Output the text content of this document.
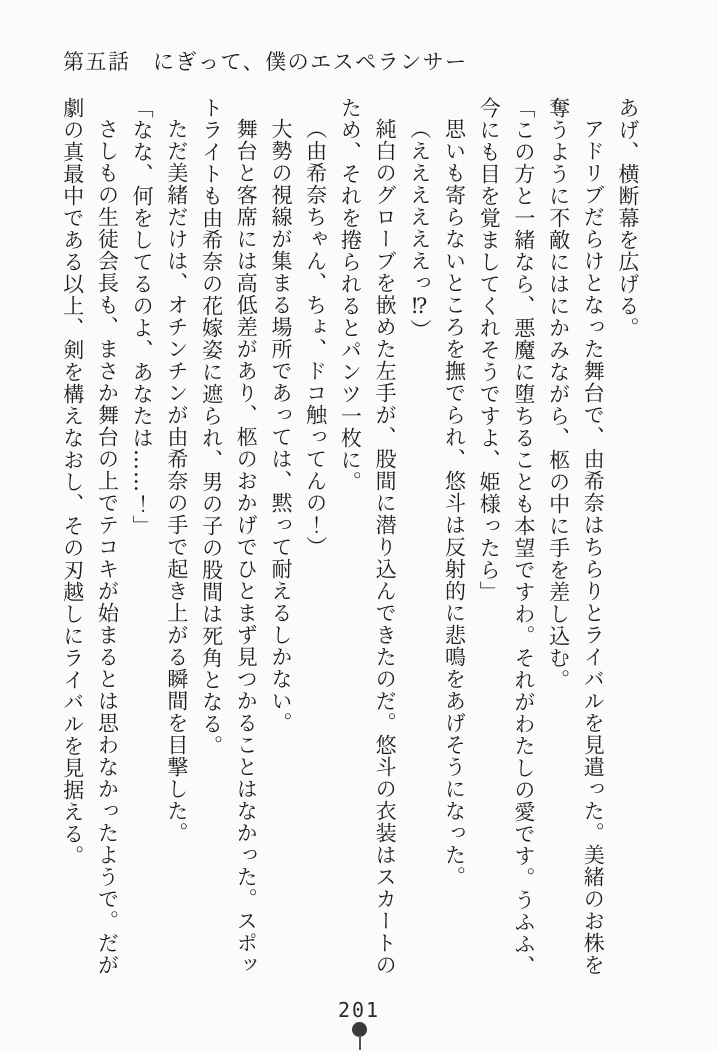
第五話　にぎって、僕のエスペランサー

あげ、横断幕を広げる。

アドリブだらけとなった舞台で、由希奈はちらりとライバルを見遣った。美緒のお株を奪うように不敵にはにかみながら、柩の中に手を差し込む。

「この方と一緒なら、悪魔に堕ちることも本望ですわ。それがわたしの愛です。うふふ、今にも目を覚ましてくれそうですよ、姫様ったら」

思いも寄らないところを撫でられ、悠斗は反射的に悲鳴をあげそうになった。

（ええええええっ⁉）

純白のグローブを嵌めた左手が、股間に潜り込んできたのだ。悠斗の衣装はスカートのため、それを捲られるとパンツ一枚に。

（由希奈ちゃん、ちょ、ドコ触ってんの！）

大勢の視線が集まる場所であっては、黙って耐えるしかない。

舞台と客席には高低差があり、柩のおかげでひとまず見つかることはなかった。スポットライトも由希奈の花嫁姿に遮られ、男の子の股間は死角となる。

ただ美緒だけは、オチンチンが由希奈の手で起き上がる瞬間を目撃した。

「なな、何をしてるのよ、あなたは……！」

さしもの生徒会長も、まさか舞台の上でテコキが始まるとは思わなかったようで。だが劇の真最中である以上、剣を構えなおし、その刃越しにライバルを見据える。

201
